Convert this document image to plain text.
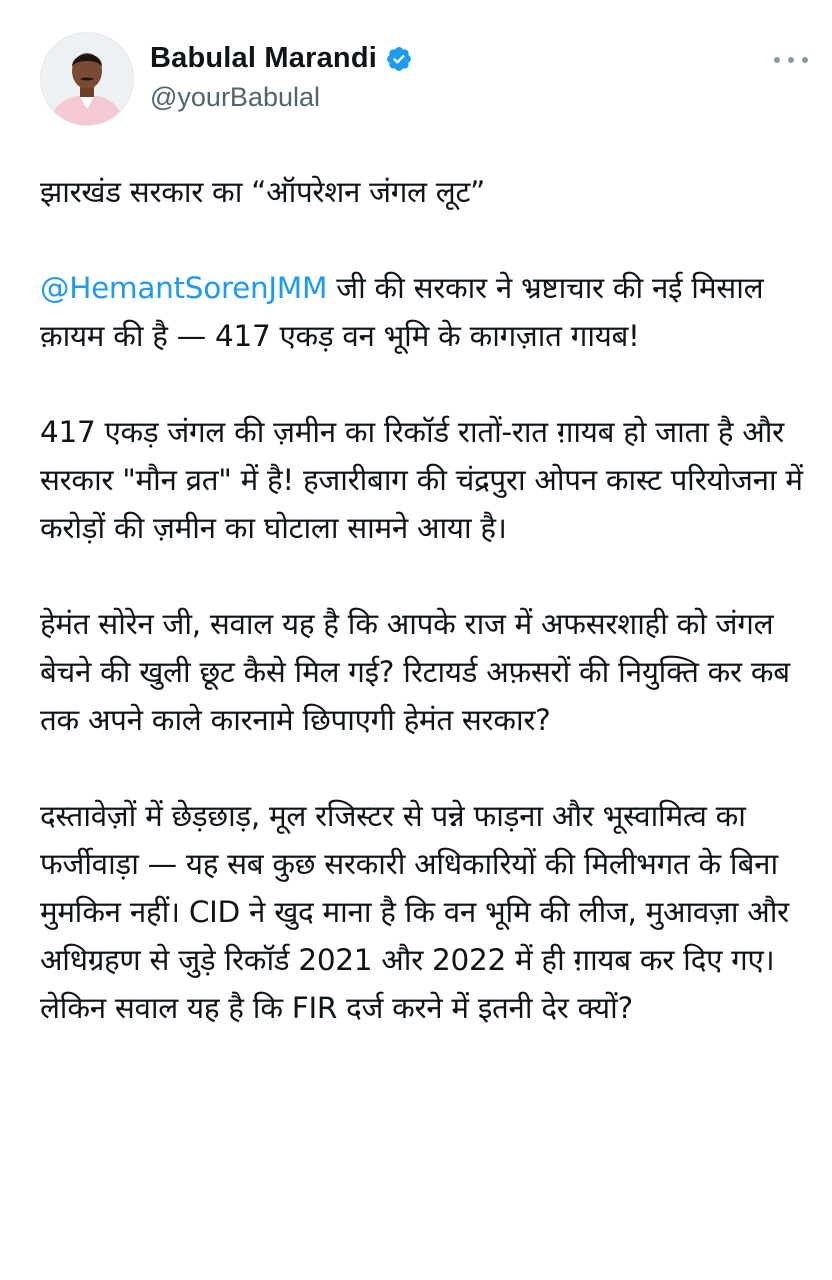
Babulal Marandi
@yourBabulal

झारखंड सरकार का “ऑपरेशन जंगल लूट”

@HemantSorenJMM जी की सरकार ने भ्रष्टाचार की नई मिसाल क़ायम की है — 417 एकड़ वन भूमि के कागज़ात गायब!

417 एकड़ जंगल की ज़मीन का रिकॉर्ड रातों-रात ग़ायब हो जाता है और सरकार "मौन व्रत" में है! हजारीबाग की चंद्रपुरा ओपन कास्ट परियोजना में करोड़ों की ज़मीन का घोटाला सामने आया है।

हेमंत सोरेन जी, सवाल यह है कि आपके राज में अफसरशाही को जंगल बेचने की खुली छूट कैसे मिल गई? रिटायर्ड अफ़सरों की नियुक्ति कर कब तक अपने काले कारनामे छिपाएगी हेमंत सरकार?

दस्तावेज़ों में छेड़छाड़, मूल रजिस्टर से पन्ने फाड़ना और भूस्वामित्व का फर्जीवाड़ा — यह सब कुछ सरकारी अधिकारियों की मिलीभगत के बिना मुमकिन नहीं। CID ने खुद माना है कि वन भूमि की लीज, मुआवज़ा और अधिग्रहण से जुड़े रिकॉर्ड 2021 और 2022 में ही ग़ायब कर दिए गए। लेकिन सवाल यह है कि FIR दर्ज करने में इतनी देर क्यों?
